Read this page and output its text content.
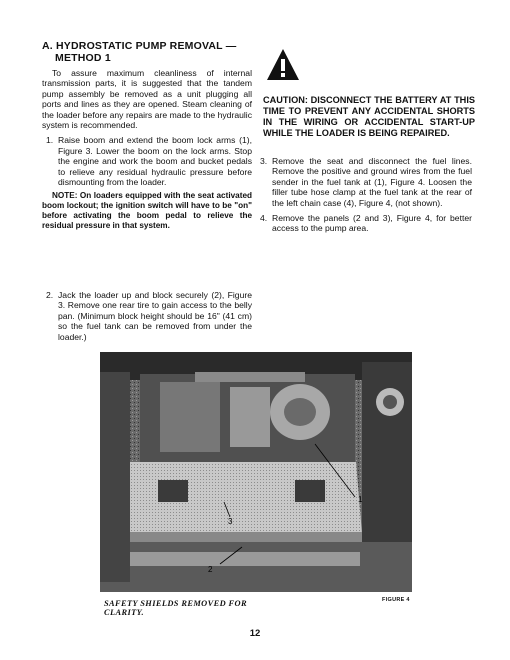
A. HYDROSTATIC PUMP REMOVAL —
METHOD 1

To assure maximum cleanliness of internal transmission parts, it is suggested that the tandem pump assembly be removed as a unit plugging all ports and lines as they are opened. Steam cleaning of the loader before any repairs are made to the hydraulic system is recommended.

1. Raise boom and extend the boom lock arms (1), Figure 3. Lower the boom on the lock arms. Stop the engine and work the boom and bucket pedals to relieve any residual hydraulic pressure before dismounting from the loader.

NOTE: On loaders equipped with the seat activated boom lockout; the ignition switch will have to be "on" before activating the boom pedal to relieve the residual pressure in that system.

2. Jack the loader up and block securely (2), Figure 3. Remove one rear tire to gain access to the belly pan. (Minimum block height should be 16" (41 cm) so the fuel tank can be removed from under the loader.)
CAUTION: DISCONNECT THE BATTERY AT THIS TIME TO PREVENT ANY ACCIDENTAL SHORTS IN THE WIRING OR ACCIDENTAL START-UP WHILE THE LOADER IS BEING REPAIRED.
3. Remove the seat and disconnect the fuel lines. Remove the positive and ground wires from the fuel sender in the fuel tank at (1), Figure 4. Loosen the filler tube hose clamp at the fuel tank at the rear of the left chain case (4), Figure 4, (not shown).
4. Remove the panels (2 and 3), Figure 4, for better access to the pump area.
1
2
3
SAFETY SHIELDS REMOVED FOR CLARITY.
FIGURE 4
12
